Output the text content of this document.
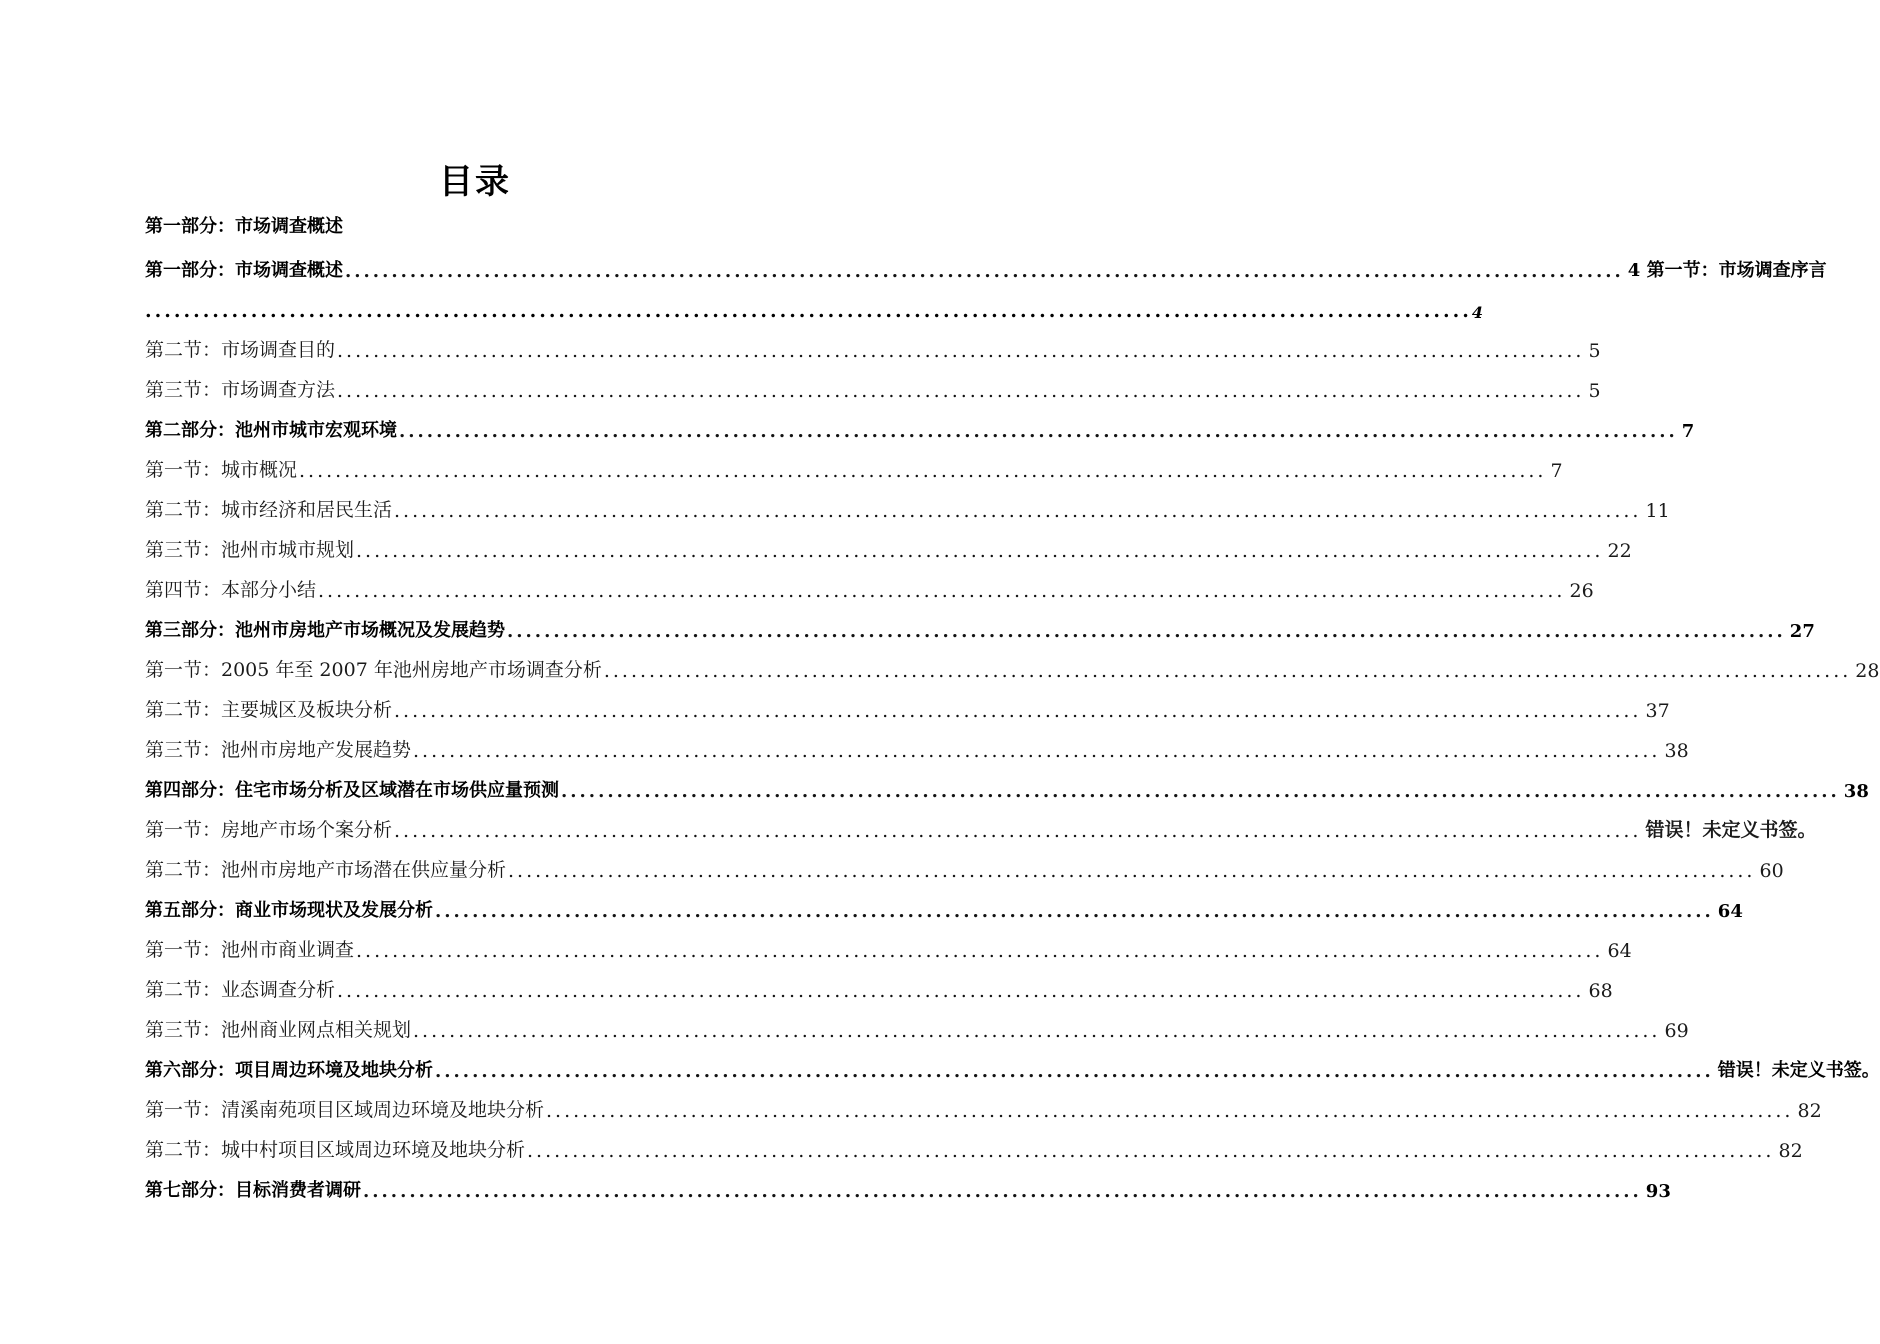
目录
第一部分：市场调查概述
第一部分：市场调查概述 .......................................................................................................................................... 4 第一节：市场调查序言
.......................................................................................................................................... 4
第二节：市场调查目的 .......................................................................................................................................... 5
第三节：市场调查方法 .......................................................................................................................................... 5
第二部分：池州市城市宏观环境 .......................................................................................................................................... 7
第一节：城市概况 .......................................................................................................................................... 7
第二节：城市经济和居民生活 .......................................................................................................................................... 11
第三节：池州市城市规划 .......................................................................................................................................... 22
第四节：本部分小结 .......................................................................................................................................... 26
第三部分：池州市房地产市场概况及发展趋势 .......................................................................................................................................... 27
第一节：2005 年至 2007 年池州房地产市场调查分析 .......................................................................................................................................... 28
第二节：主要城区及板块分析 .......................................................................................................................................... 37
第三节：池州市房地产发展趋势 .......................................................................................................................................... 38
第四部分：住宅市场分析及区域潜在市场供应量预测 .......................................................................................................................................... 38
第一节：房地产市场个案分析 .......................................................................................................................................... 错误！未定义书签。
第二节：池州市房地产市场潜在供应量分析 .......................................................................................................................................... 60
第五部分：商业市场现状及发展分析 .......................................................................................................................................... 64
第一节：池州市商业调查 .......................................................................................................................................... 64
第二节：业态调查分析 .......................................................................................................................................... 68
第三节：池州商业网点相关规划 .......................................................................................................................................... 69
第六部分：项目周边环境及地块分析 .......................................................................................................................................... 错误！未定义书签。
第一节：清溪南苑项目区域周边环境及地块分析 .......................................................................................................................................... 82
第二节：城中村项目区域周边环境及地块分析 .......................................................................................................................................... 82
第七部分：目标消费者调研 .......................................................................................................................................... 93
